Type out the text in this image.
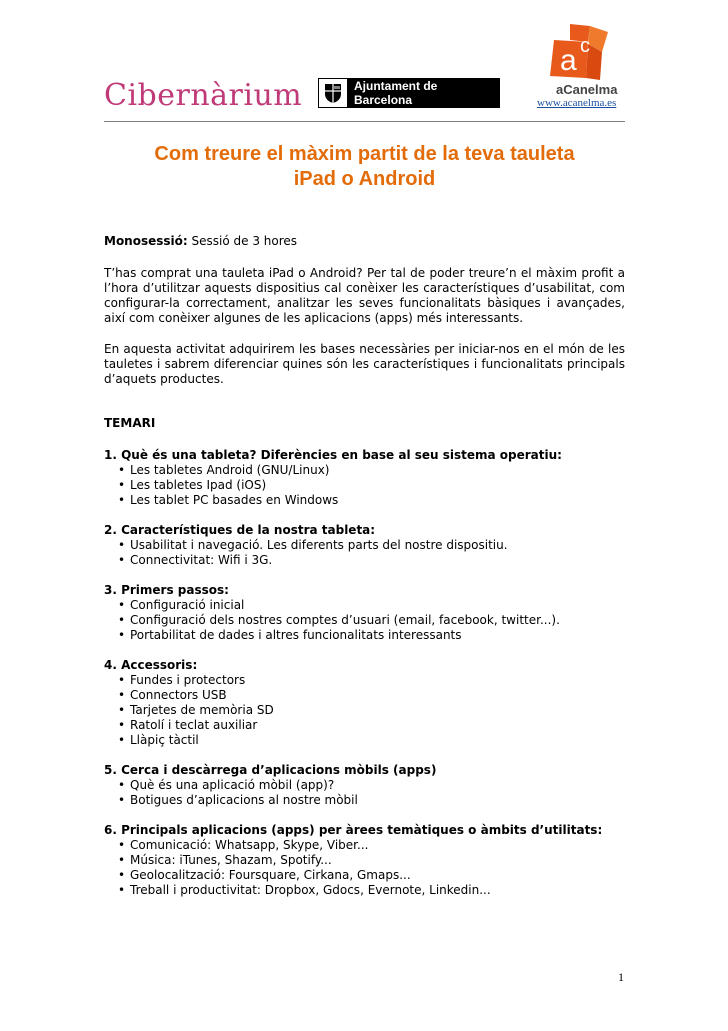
Cibernàrium	Ajuntament de Barcelona
a c
aCanelma
www.acanelma.es
Com treure el màxim partit de la teva tauleta
iPad o Android
Monosessió: Sessió de 3 hores

T’has comprat una tauleta iPad o Android? Per tal de poder treure’n el màxim profit a l’hora d’utilitzar aquests dispositius cal conèixer les característiques d’usabilitat, com configurar-la correctament, analitzar les seves funcionalitats bàsiques i avançades, així com conèixer algunes de les aplicacions (apps) més interessants.

En aquesta activitat adquirirem les bases necessàries per iniciar-nos en el món de les tauletes i sabrem diferenciar quines són les característiques i funcionalitats principals d’aquets productes.

TEMARI
1. Què és una tableta? Diferències en base al seu sistema operatiu:
• Les tabletes Android (GNU/Linux)
• Les tabletes Ipad (iOS)
• Les tablet PC basades en Windows
2. Característiques de la nostra tableta:
• Usabilitat i navegació. Les diferents parts del nostre dispositiu.
• Connectivitat: Wifi i 3G.
3. Primers passos:
• Configuració inicial
• Configuració dels nostres comptes d’usuari (email, facebook, twitter...).
• Portabilitat de dades i altres funcionalitats interessants
4. Accessoris:
• Fundes i protectors
• Connectors USB
• Tarjetes de memòria SD
• Ratolí i teclat auxiliar
• Llàpiç tàctil
5. Cerca i descàrrega d’aplicacions mòbils (apps)
• Què és una aplicació mòbil (app)?
• Botigues d’aplicacions al nostre mòbil
6. Principals aplicacions (apps) per àrees temàtiques o àmbits d’utilitats:
• Comunicació: Whatsapp, Skype, Viber...
• Música: iTunes, Shazam, Spotify...
• Geolocalització: Foursquare, Cirkana, Gmaps...
• Treball i productivitat: Dropbox, Gdocs, Evernote, Linkedin...
1
